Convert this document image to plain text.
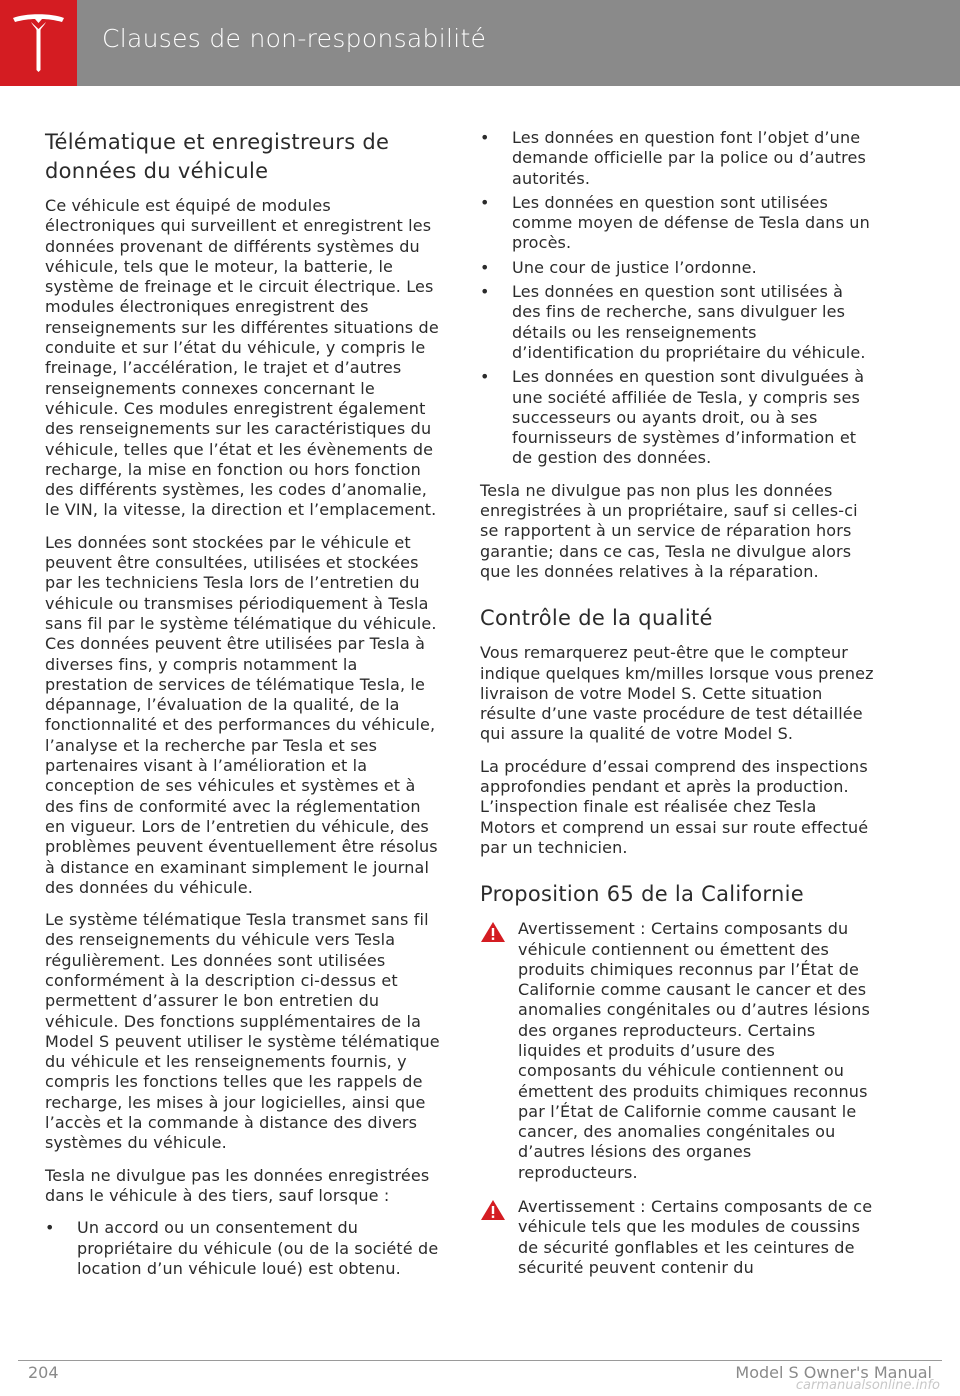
Clauses de non-responsabilité
Télématique et enregistreurs de données du véhicule

Ce véhicule est équipé de modules électroniques qui surveillent et enregistrent les données provenant de différents systèmes du véhicule, tels que le moteur, la batterie, le système de freinage et le circuit électrique. Les modules électroniques enregistrent des renseignements sur les différentes situations de conduite et sur l’état du véhicule, y compris le freinage, l’accélération, le trajet et d’autres renseignements connexes concernant le véhicule. Ces modules enregistrent également des renseignements sur les caractéristiques du véhicule, telles que l’état et les évènements de recharge, la mise en fonction ou hors fonction des différents systèmes, les codes d’anomalie, le VIN, la vitesse, la direction et l’emplacement.

Les données sont stockées par le véhicule et peuvent être consultées, utilisées et stockées par les techniciens Tesla lors de l’entretien du véhicule ou transmises périodiquement à Tesla sans fil par le système télématique du véhicule. Ces données peuvent être utilisées par Tesla à diverses fins, y compris notamment la prestation de services de télématique Tesla, le dépannage, l’évaluation de la qualité, de la fonctionnalité et des performances du véhicule, l’analyse et la recherche par Tesla et ses partenaires visant à l’amélioration et la conception de ses véhicules et systèmes et à des fins de conformité avec la réglementation en vigueur. Lors de l’entretien du véhicule, des problèmes peuvent éventuellement être résolus à distance en examinant simplement le journal des données du véhicule.

Le système télématique Tesla transmet sans fil des renseignements du véhicule vers Tesla régulièrement. Les données sont utilisées conformément à la description ci-dessus et permettent d’assurer le bon entretien du véhicule. Des fonctions supplémentaires de la Model S peuvent utiliser le système télématique du véhicule et les renseignements fournis, y compris les fonctions telles que les rappels de recharge, les mises à jour logicielles, ainsi que l’accès et la commande à distance des divers systèmes du véhicule.

Tesla ne divulgue pas les données enregistrées dans le véhicule à des tiers, sauf lorsque :

• Un accord ou un consentement du propriétaire du véhicule (ou de la société de location d’un véhicule loué) est obtenu.
• Les données en question font l’objet d’une demande officielle par la police ou d’autres autorités.
• Les données en question sont utilisées comme moyen de défense de Tesla dans un procès.
• Une cour de justice l’ordonne.
• Les données en question sont utilisées à des fins de recherche, sans divulguer les détails ou les renseignements d’identification du propriétaire du véhicule.
• Les données en question sont divulguées à une société affiliée de Tesla, y compris ses successeurs ou ayants droit, ou à ses fournisseurs de systèmes d’information et de gestion des données.

Tesla ne divulgue pas non plus les données enregistrées à un propriétaire, sauf si celles-ci se rapportent à un service de réparation hors garantie; dans ce cas, Tesla ne divulgue alors que les données relatives à la réparation.

Contrôle de la qualité

Vous remarquerez peut-être que le compteur indique quelques km/milles lorsque vous prenez livraison de votre Model S. Cette situation résulte d’une vaste procédure de test détaillée qui assure la qualité de votre Model S.

La procédure d’essai comprend des inspections approfondies pendant et après la production. L’inspection finale est réalisée chez Tesla Motors et comprend un essai sur route effectué par un technicien.

Proposition 65 de la Californie
Avertissement : Certains composants du véhicule contiennent ou émettent des produits chimiques reconnus par l’État de Californie comme causant le cancer et des anomalies congénitales ou d’autres lésions des organes reproducteurs. Certains liquides et produits d’usure des composants du véhicule contiennent ou émettent des produits chimiques reconnus par l’État de Californie comme causant le cancer, des anomalies congénitales ou d’autres lésions des organes reproducteurs.
Avertissement : Certains composants de ce véhicule tels que les modules de coussins de sécurité gonflables et les ceintures de sécurité peuvent contenir du
204	Model S Owner's Manual
carmanualsonline.info
